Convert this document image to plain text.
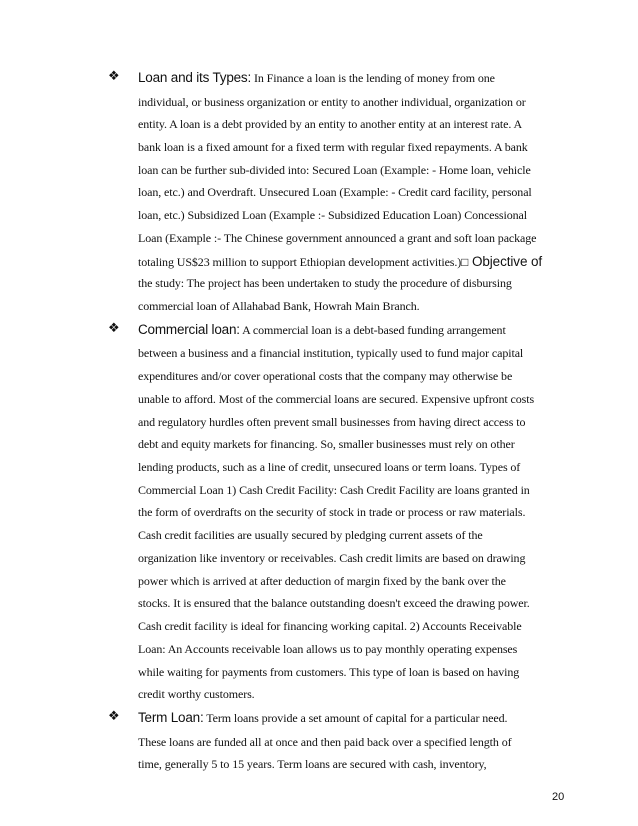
20
❖ Loan and its Types: In Finance a loan is the lending of money from one
individual, or business organization or entity to another individual, organization or
entity. A loan is a debt provided by an entity to another entity at an interest rate. A
bank loan is a fixed amount for a fixed term with regular fixed repayments. A bank
loan can be further sub-divided into: Secured Loan (Example: - Home loan, vehicle
loan, etc.) and Overdraft. Unsecured Loan (Example: - Credit card facility, personal
loan, etc.) Subsidized Loan (Example :- Subsidized Education Loan) Concessional
Loan (Example :- The Chinese government announced a grant and soft loan package
totaling US$23 million to support Ethiopian development activities.)□ Objective of
the study: The project has been undertaken to study the procedure of disbursing
commercial loan of Allahabad Bank, Howrah Main Branch.
❖ Commercial loan: A commercial loan is a debt-based funding arrangement
between a business and a financial institution, typically used to fund major capital
expenditures and/or cover operational costs that the company may otherwise be
unable to afford. Most of the commercial loans are secured. Expensive upfront costs
and regulatory hurdles often prevent small businesses from having direct access to
debt and equity markets for financing. So, smaller businesses must rely on other
lending products, such as a line of credit, unsecured loans or term loans. Types of
Commercial Loan 1) Cash Credit Facility: Cash Credit Facility are loans granted in
the form of overdrafts on the security of stock in trade or process or raw materials.
Cash credit facilities are usually secured by pledging current assets of the
organization like inventory or receivables. Cash credit limits are based on drawing
power which is arrived at after deduction of margin fixed by the bank over the
stocks. It is ensured that the balance outstanding doesn't exceed the drawing power.
Cash credit facility is ideal for financing working capital. 2) Accounts Receivable
Loan: An Accounts receivable loan allows us to pay monthly operating expenses
while waiting for payments from customers. This type of loan is based on having
credit worthy customers.
❖ Term Loan: Term loans provide a set amount of capital for a particular need.
These loans are funded all at once and then paid back over a specified length of
time, generally 5 to 15 years. Term loans are secured with cash, inventory,
